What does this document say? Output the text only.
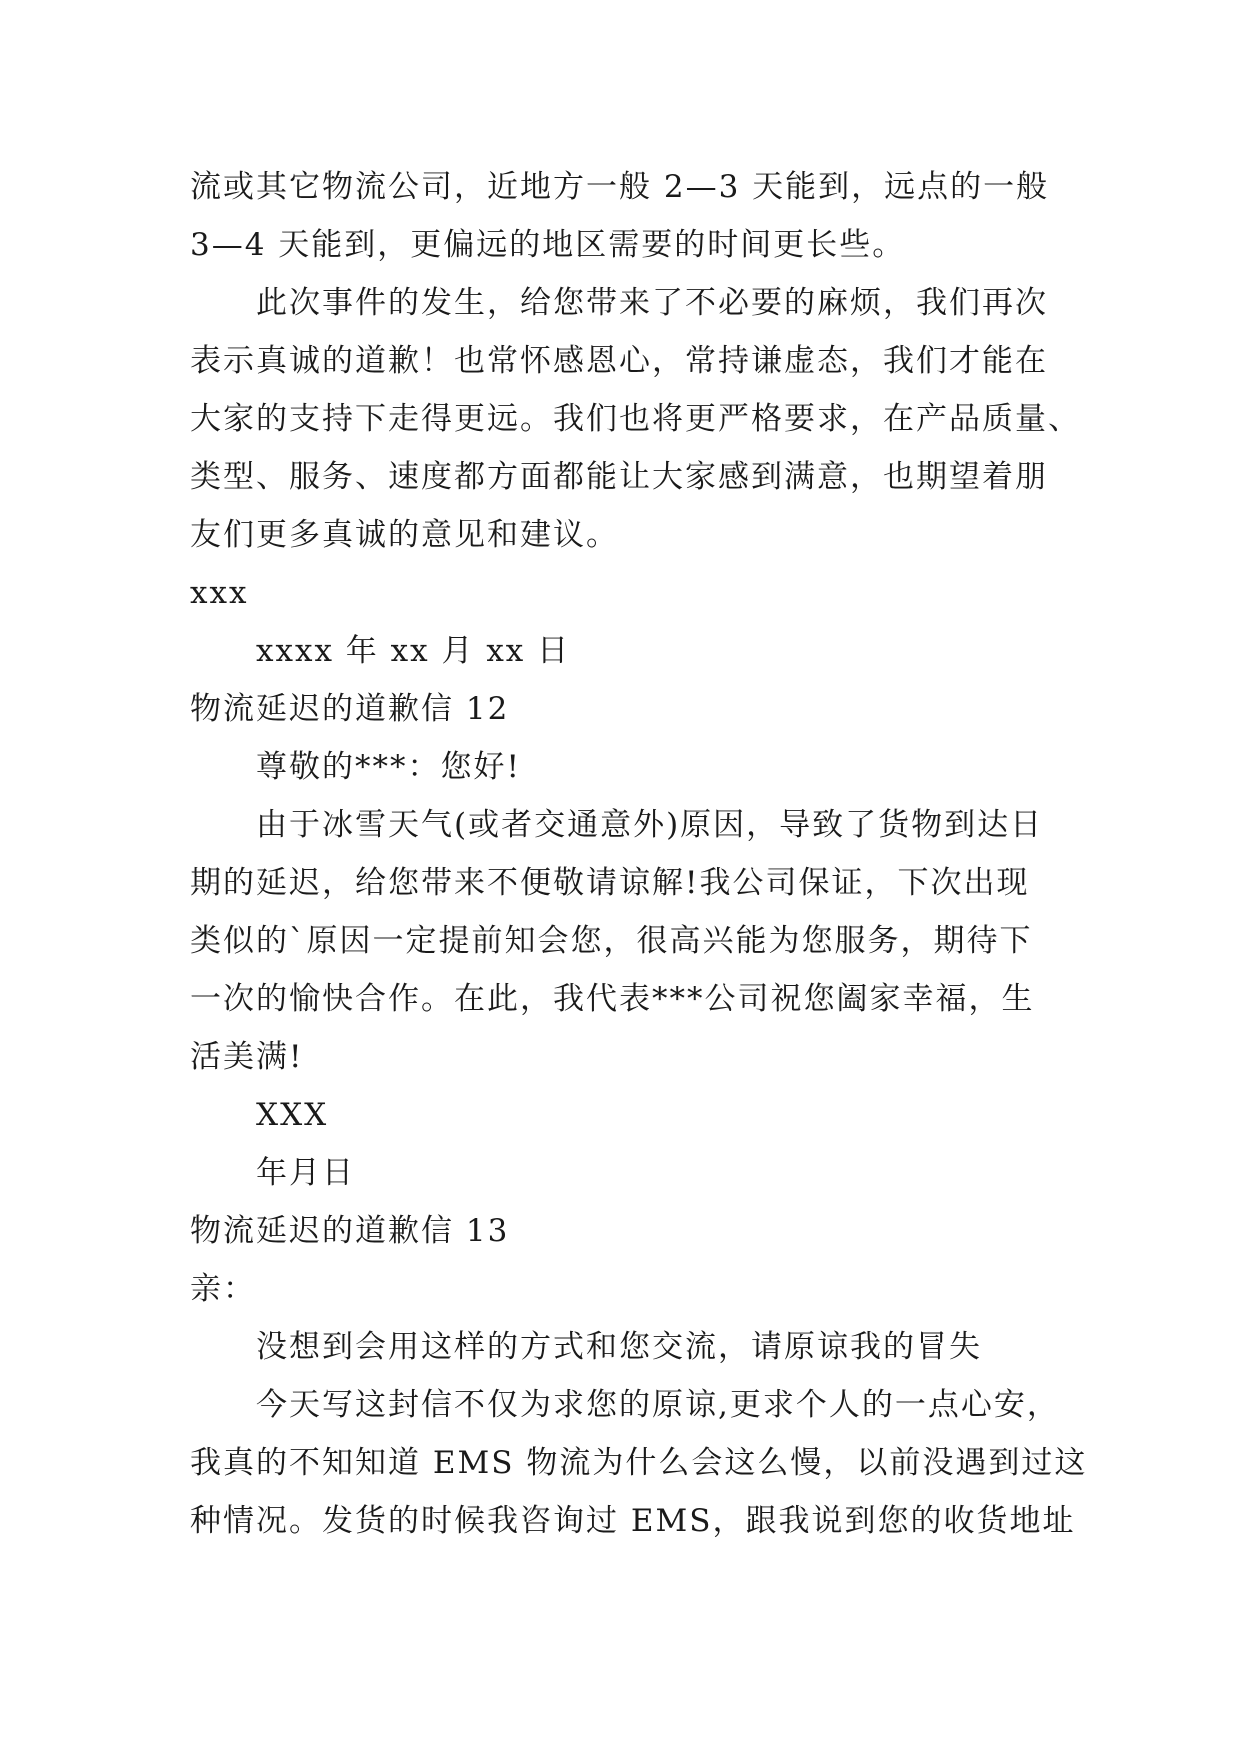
流或其它物流公司，近地方一般 2—3 天能到，远点的一般
3—4 天能到，更偏远的地区需要的时间更长些。
此次事件的发生，给您带来了不必要的麻烦，我们再次
表示真诚的道歉！也常怀感恩心，常持谦虚态，我们才能在
大家的支持下走得更远。我们也将更严格要求，在产品质量、
类型、服务、速度都方面都能让大家感到满意，也期望着朋
友们更多真诚的意见和建议。
xxx
xxxx 年 xx 月 xx 日
物流延迟的道歉信 12
尊敬的***：您好!
由于冰雪天气(或者交通意外)原因，导致了货物到达日
期的延迟，给您带来不便敬请谅解!我公司保证，下次出现
类似的`原因一定提前知会您，很高兴能为您服务，期待下
一次的愉快合作。在此，我代表***公司祝您阖家幸福，生
活美满!
XXX
年月日
物流延迟的道歉信 13
亲：
没想到会用这样的方式和您交流，请原谅我的冒失
今天写这封信不仅为求您的原谅,更求个人的一点心安，
我真的不知知道 EMS 物流为什么会这么慢，以前没遇到过这
种情况。发货的时候我咨询过 EMS，跟我说到您的收货地址
